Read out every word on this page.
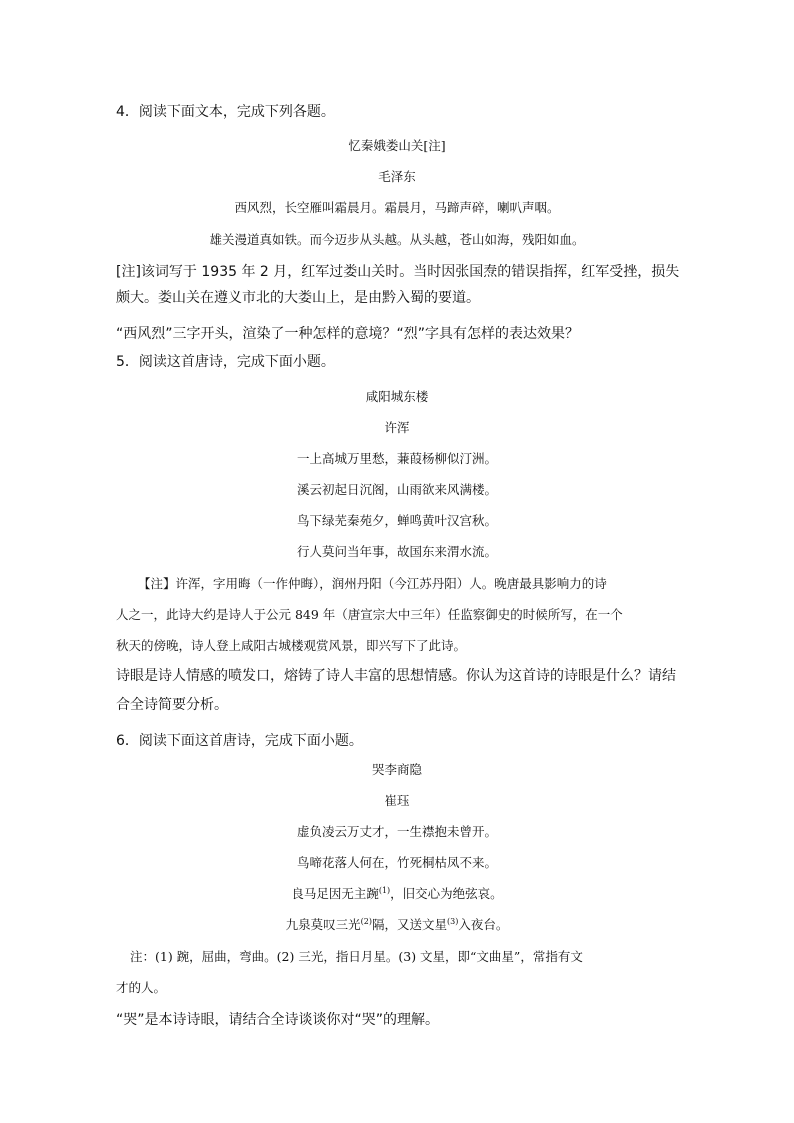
4．阅读下面文本，完成下列各题。
忆秦娥娄山关[注]
毛泽东
西风烈，长空雁叫霜晨月。霜晨月，马蹄声碎，喇叭声咽。
雄关漫道真如铁。而今迈步从头越。从头越，苍山如海，残阳如血。
[注]该词写于 1935 年 2 月，红军过娄山关时。当时因张国焘的错误指挥，红军受挫，损失
颇大。娄山关在遵义市北的大娄山上，是由黔入蜀的要道。
“西风烈”三字开头，渲染了一种怎样的意境？“烈”字具有怎样的表达效果？
5．阅读这首唐诗，完成下面小题。
咸阳城东楼
许浑
一上高城万里愁，蒹葭杨柳似汀洲。
溪云初起日沉阁，山雨欲来风满楼。
鸟下绿芜秦苑夕，蝉鸣黄叶汉宫秋。
行人莫问当年事，故国东来渭水流。
【注】许浑，字用晦（一作仲晦），润州丹阳（今江苏丹阳）人。晚唐最具影响力的诗
人之一，此诗大约是诗人于公元 849 年（唐宣宗大中三年）任监察御史的时候所写，在一个
秋天的傍晚，诗人登上咸阳古城楼观赏风景，即兴写下了此诗。
诗眼是诗人情感的喷发口，熔铸了诗人丰富的思想情感。你认为这首诗的诗眼是什么？请结
合全诗简要分析。
6．阅读下面这首唐诗，完成下面小题。
哭李商隐
崔珏
虚负凌云万丈才，一生襟抱未曾开。
鸟啼花落人何在，竹死桐枯凤不来。
良马足因无主踠$^{(1)}$，旧交心为绝弦哀。
九泉莫叹三光$^{(2)}$隔，又送文星$^{(3)}$入夜台。
注：(1) 踠，屈曲，弯曲。(2) 三光，指日月星。(3) 文星，即“文曲星”，常指有文
才的人。
“哭”是本诗诗眼，请结合全诗谈谈你对“哭”的理解。
